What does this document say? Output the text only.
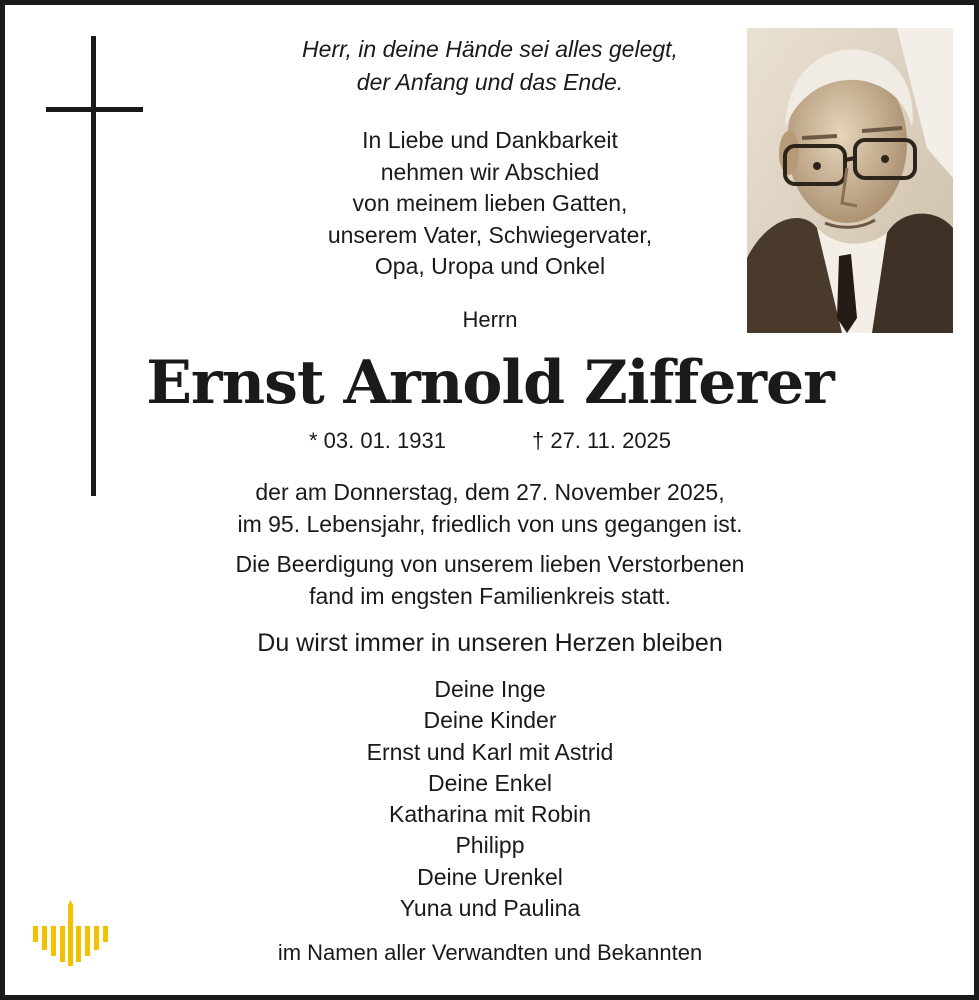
Herr, in deine Hände sei alles gelegt,
der Anfang und das Ende.
In Liebe und Dankbarkeit
nehmen wir Abschied
von meinem lieben Gatten,
unserem Vater, Schwiegervater,
Opa, Uropa und Onkel
Herrn
Ernst Arnold Zifferer
* 03. 01. 1931	† 27. 11. 2025
der am Donnerstag, dem 27. November 2025,
im 95. Lebensjahr, friedlich von uns gegangen ist.
Die Beerdigung von unserem lieben Verstorbenen
fand im engsten Familienkreis statt.
Du wirst immer in unseren Herzen bleiben
Deine Inge
Deine Kinder
Ernst und Karl mit Astrid
Deine Enkel
Katharina mit Robin
Philipp
Deine Urenkel
Yuna und Paulina
im Namen aller Verwandten und Bekannten
